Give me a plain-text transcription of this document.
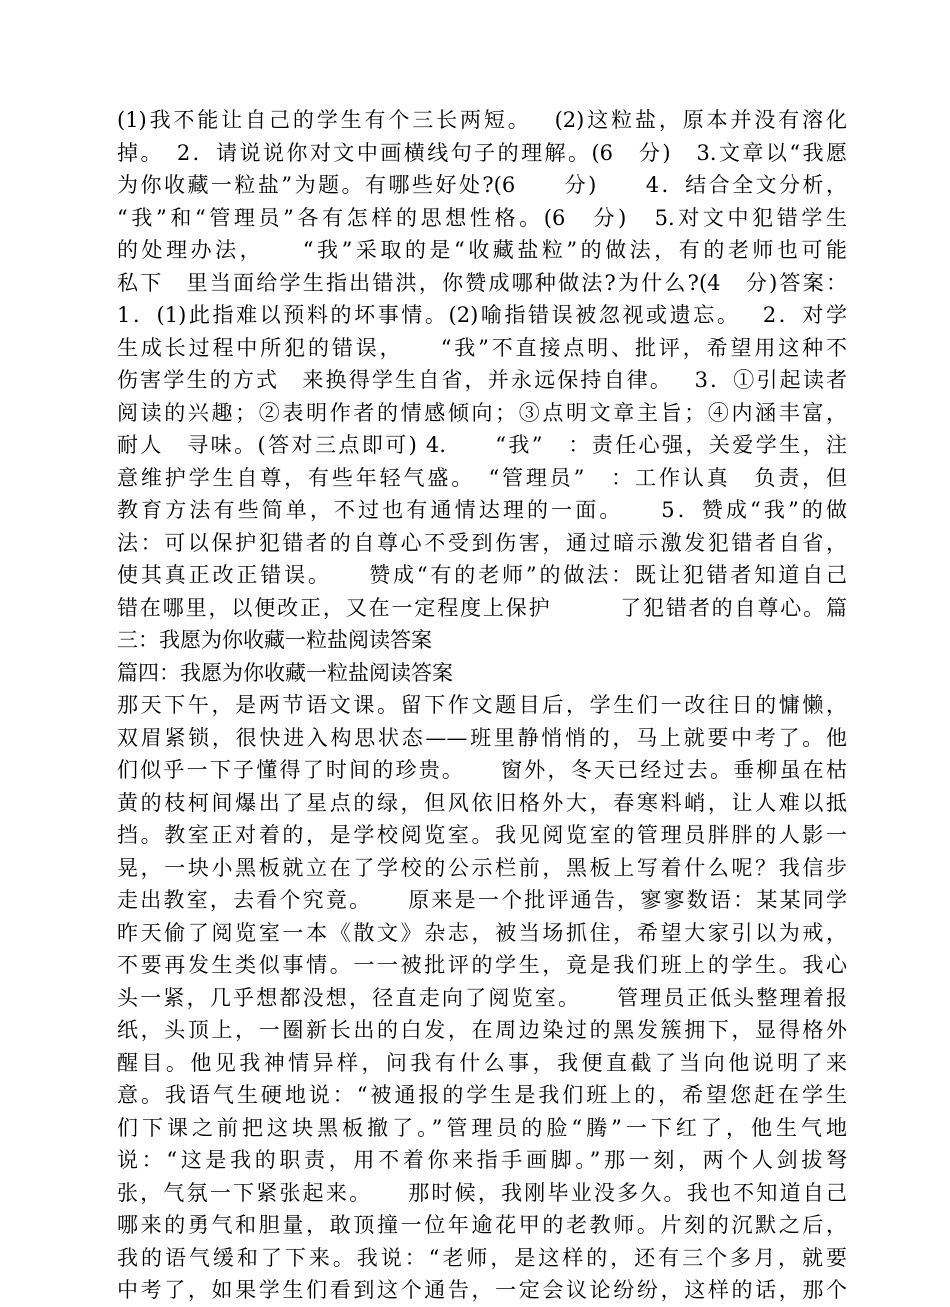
(1)我不能让自己的学生有个三长两短。　 (2)这粒盐，原本并没有溶化
掉。　2．请说说你对文中画横线句子的理解。(6　分)　3.文章以“我愿
为你收藏一粒盐”为题。有哪些好处?(6　　分)　　4．结合全文分析，
“我”和“管理员”各有怎样的思想性格。(6　分)　5.对文中犯错学生
的处理办法，　　“我”采取的是“收藏盐粒”的做法，有的老师也可能
私下　里当面给学生指出错洪，你赞成哪种做法?为什么?(4　分)答案：
1．(1)此指难以预料的坏事情。(2)喻指错误被忽视或遗忘。　 2．对学
生成长过程中所犯的错误，　　“我”不直接点明、批评，希望用这种不
伤害学生的方式　来换得学生自省，并永远保持自律。　 3．①引起读者
阅读的兴趣；②表明作者的情感倾向；③点明文章主旨；④内涵丰富，
耐人　寻味。(答对三点即可) 4.　　“我”　：责任心强，关爱学生，注
意维护学生自尊，有些年轻气盛。　“管理员”　：工作认真　负责，但
教育方法有些简单，不过也有通情达理的一面。　　5．赞成“我”的做
法：可以保护犯错者的自尊心不受到伤害，通过暗示激发犯错者自省，
使其真正改正错误。　　赞成“有的老师”的做法：既让犯错者知道自己
错在哪里，以便改正，又在一定程度上保护　　　了犯错者的自尊心。篇
三：我愿为你收藏一粒盐阅读答案
篇四：我愿为你收藏一粒盐阅读答案
那天下午，是两节语文课。留下作文题目后，学生们一改往日的慵懒，
双眉紧锁，很快进入构思状态——班里静悄悄的，马上就要中考了。他
们似乎一下子懂得了时间的珍贵。　　窗外，冬天已经过去。垂柳虽在枯
黄的枝柯间爆出了星点的绿，但风依旧格外大，春寒料峭，让人难以抵
挡。教室正对着的，是学校阅览室。我见阅览室的管理员胖胖的人影一
晃，一块小黑板就立在了学校的公示栏前，黑板上写着什么呢？我信步
走出教室，去看个究竟。　　原来是一个批评通告，寥寥数语：某某同学
昨天偷了阅览室一本《散文》杂志，被当场抓住，希望大家引以为戒，
不要再发生类似事情。一一被批评的学生，竟是我们班上的学生。我心
头一紧，几乎想都没想，径直走向了阅览室。　　管理员正低头整理着报
纸，头顶上，一圈新长出的白发，在周边染过的黑发簇拥下，显得格外
醒目。他见我神情异样，问我有什么事，我便直截了当向他说明了来
意。我语气生硬地说：“被通报的学生是我们班上的，希望您赶在学生
们下课之前把这块黑板撤了。”管理员的脸“腾”一下红了，他生气地
说：“这是我的职责，用不着你来指手画脚。”那一刻，两个人剑拔弩
张，气氛一下紧张起来。　　那时候，我刚毕业没多久。我也不知道自己
哪来的勇气和胆量，敢顶撞一位年逾花甲的老教师。片刻的沉默之后，
我的语气缓和了下来。我说：“老师，是这样的，还有三个多月，就要
中考了，如果学生们看到这个通告，一定会议论纷纷，这样的话，那个
